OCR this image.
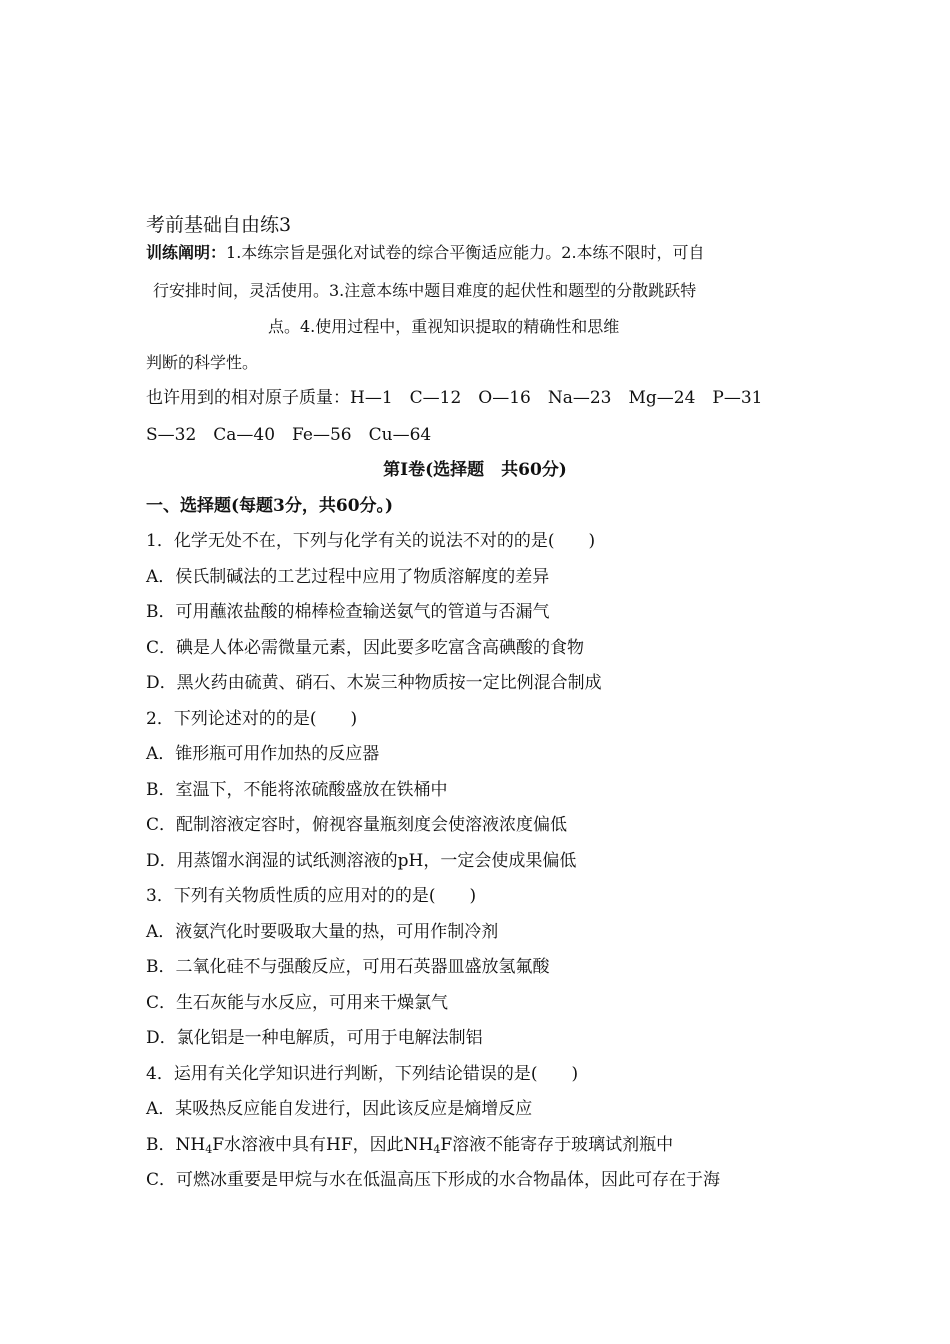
考前基础自由练3
训练阐明：1.本练宗旨是强化对试卷的综合平衡适应能力。2.本练不限时，可自
行安排时间，灵活使用。3.注意本练中题目难度的起伏性和题型的分散跳跃特
点。4.使用过程中，重视知识提取的精确性和思维
判断的科学性。
也许用到的相对原子质量：H—1　C—12　O—16　Na—23　Mg—24　P—31
S—32　Ca—40　Fe—56　Cu—64
第Ⅰ卷(选择题　共60分)
一、选择题(每题3分，共60分。)
1．化学无处不在，下列与化学有关的说法不对的的是(　　)
A．侯氏制碱法的工艺过程中应用了物质溶解度的差异
B．可用蘸浓盐酸的棉棒检查输送氨气的管道与否漏气
C．碘是人体必需微量元素，因此要多吃富含高碘酸的食物
D．黑火药由硫黄、硝石、木炭三种物质按一定比例混合制成
2．下列论述对的的是(　　)
A．锥形瓶可用作加热的反应器
B．室温下，不能将浓硫酸盛放在铁桶中
C．配制溶液定容时，俯视容量瓶刻度会使溶液浓度偏低
D．用蒸馏水润湿的试纸测溶液的pH，一定会使成果偏低
3．下列有关物质性质的应用对的的是(　　)
A．液氨汽化时要吸取大量的热，可用作制冷剂
B．二氧化硅不与强酸反应，可用石英器皿盛放氢氟酸
C．生石灰能与水反应，可用来干燥氯气
D．氯化铝是一种电解质，可用于电解法制铝
4．运用有关化学知识进行判断，下列结论错误的是(　　)
A．某吸热反应能自发进行，因此该反应是熵增反应
B．$NH_4F$水溶液中具有HF，因此$NH_4F$溶液不能寄存于玻璃试剂瓶中
C．可燃冰重要是甲烷与水在低温高压下形成的水合物晶体，因此可存在于海
